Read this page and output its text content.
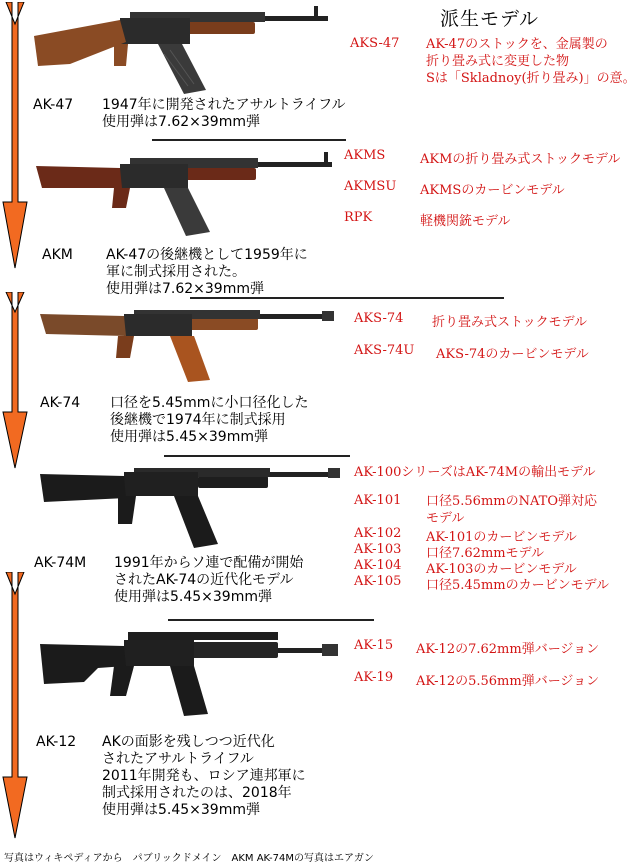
派生モデル
AK-47 1947年に開発されたアサルトライフル
使用弾は7.62×39mm弾
AKS-47 AK-47のストックを、金属製の
折り畳み式に変更した物
Sは「Skladnoy(折り畳み)」の意。
AKM AK-47の後継機として1959年に
軍に制式採用された。
使用弾は7.62×39mm弾
AKMS	AKMの折り畳み式ストックモデル
AKMSU AKMSのカービンモデル
RPK	軽機関銃モデル
AK-74 口径を5.45mmに小口径化した
後継機で1974年に制式採用
使用弾は5.45×39mm弾
AKS-74 折り畳み式ストックモデル
AKS-74U AKS-74のカービンモデル
AK-74M 1991年からソ連で配備が開始
されたAK-74の近代化モデル
使用弾は5.45×39mm弾
AK-100シリーズはAK-74Mの輸出モデル
AK-101 口径5.56mmのNATO弾対応
モデル
AK-102 AK-101のカービンモデル
AK-103 口径7.62mmモデル
AK-104 AK-103のカービンモデル
AK-105 口径5.45mmのカービンモデル
AK-12 AKの面影を残しつつ近代化
されたアサルトライフル
2011年開発も、ロシア連邦軍に
制式採用されたのは、2018年
使用弾は5.45×39mm弾
AK-15 AK-12の7.62mm弾バージョン
AK-19 AK-12の5.56mm弾バージョン
写真はウィキペディアから　パブリックドメイン　AKM AK-74Mの写真はエアガン
